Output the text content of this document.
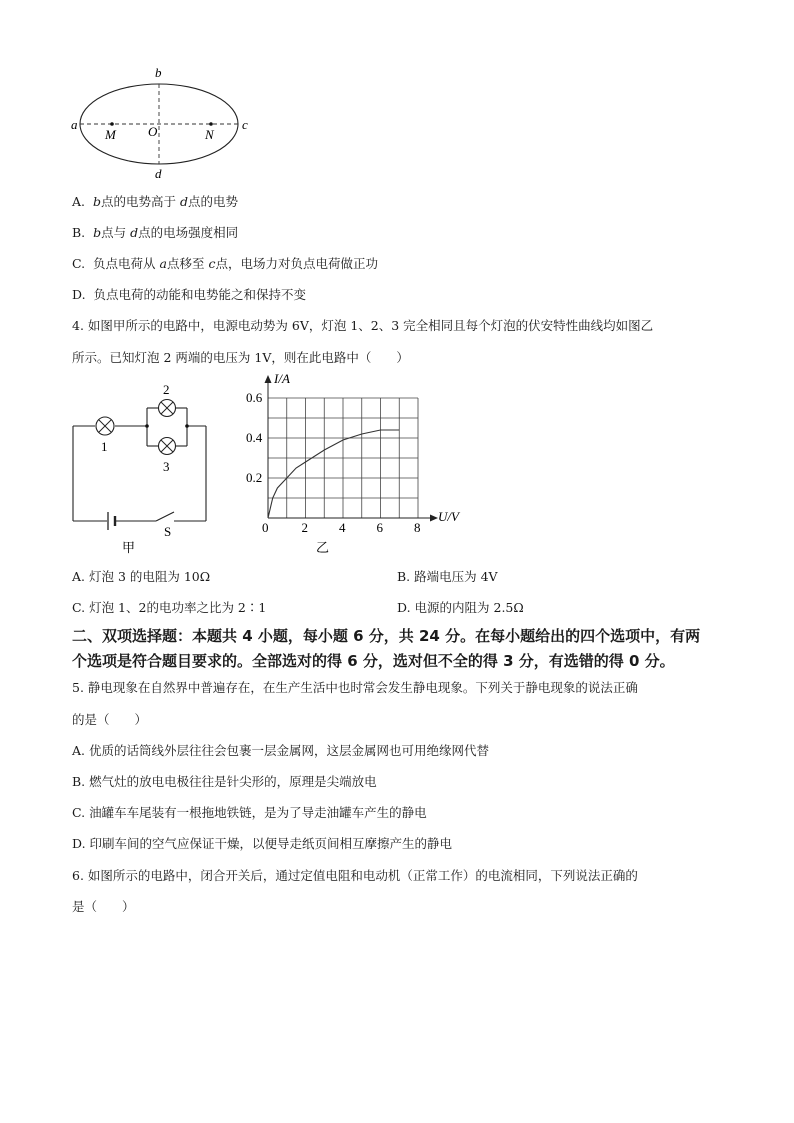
b
d
a	c
M O	N
A. b点的电势高于 d点的电势
B. b点与 d点的电场强度相同
C. 负点电荷从 a点移至 c点，电场力对负点电荷做正功
D. 负点电荷的动能和电势能之和保持不变
4. 如图甲所示的电路中，电源电动势为 6V，灯泡 1、2、3 完全相同且每个灯泡的伏安特性曲线均如图乙
所示。已知灯泡 2 两端的电压为 1V，则在此电路中（　　）
1
2
3
S
甲
2 4 6 8
0.2
0.4
0.6
0
U/V
I/A
乙
A. 灯泡 3 的电阻为 10Ω	B. 路端电压为 4V
C. 灯泡 1、2的电功率之比为 2∶1	D. 电源的内阻为 2.5Ω
二、双项选择题：本题共 4 小题，每小题 6 分，共 24 分。在每小题给出的四个选项中，有两
个选项是符合题目要求的。全部选对的得 6 分，选对但不全的得 3 分，有选错的得 0 分。
5. 静电现象在自然界中普遍存在，在生产生活中也时常会发生静电现象。下列关于静电现象的说法正确
的是（　　）
A. 优质的话筒线外层往往会包裹一层金属网，这层金属网也可用绝缘网代替
B. 燃气灶的放电电极往往是针尖形的，原理是尖端放电
C. 油罐车车尾装有一根拖地铁链，是为了导走油罐车产生的静电
D. 印刷车间的空气应保证干燥，以便导走纸页间相互摩擦产生的静电
6. 如图所示的电路中，闭合开关后，通过定值电阻和电动机（正常工作）的电流相同，下列说法正确的
是（　　）
